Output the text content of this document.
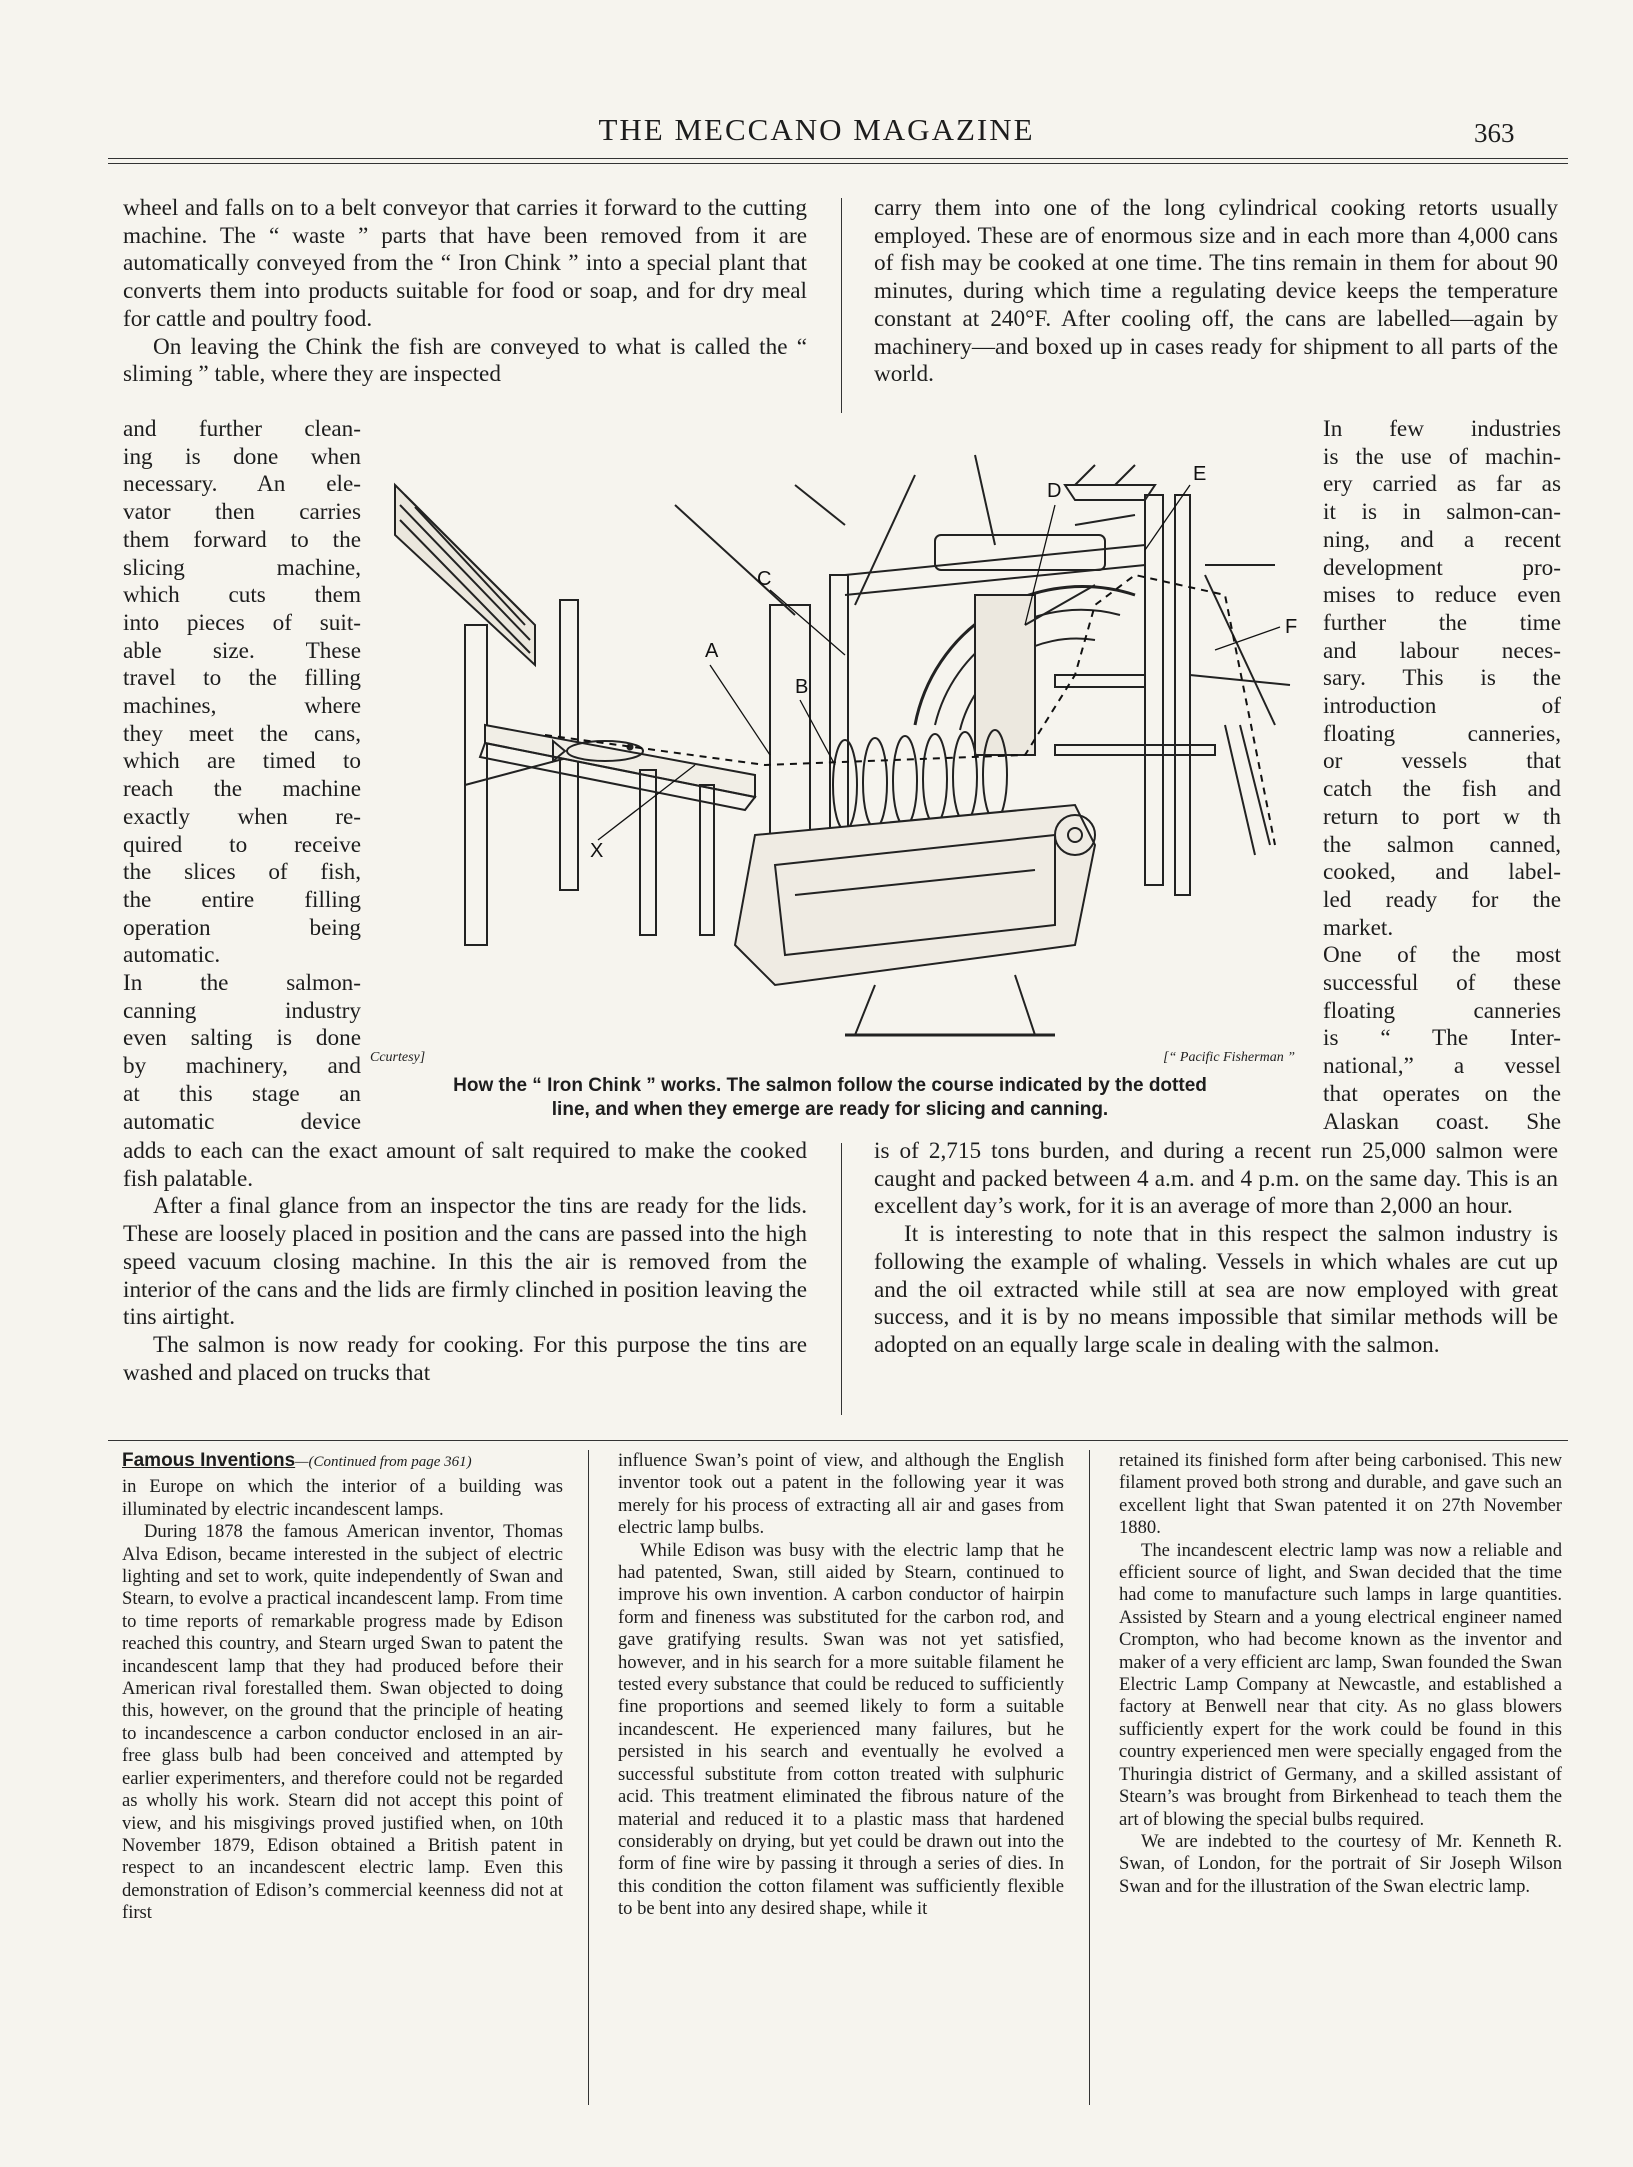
THE MECCANO MAGAZINE	363

wheel and falls on to a belt conveyor that carries it forward to the cutting machine. The “ waste ” parts that have been removed from it are automatically conveyed from the “ Iron Chink ” into a special plant that converts them into products suitable for food or soap, and for dry meal for cattle and poultry food.

On leaving the Chink the fish are conveyed to what is called the “ sliming ” table, where they are inspected

carry them into one of the long cylindrical cooking retorts usually employed. These are of enormous size and in each more than 4,000 cans of fish may be cooked at one time. The tins remain in them for about 90 minutes, during which time a regulating device keeps the temperature constant at 240°F. After cooling off, the cans are labelled—again by machinery—and boxed up in cases ready for shipment to all parts of the world.

and further clean-
ing is done when
necessary. An ele-
vator then carries
them forward to the
slicing machine,
which cuts them
into pieces of suit-
able size. These
travel to the filling
machines, where
they meet the cans,
which are timed to
reach the machine
exactly when re-
quired to receive
the slices of fish,
the entire filling
operation being
automatic.
In the salmon-
canning industry
even salting is done
by machinery, and
at this stage an
automatic device
In few industries
is the use of machin-
ery carried as far as
it is in salmon-can-
ning, and a recent
development pro-
mises to reduce even
further the time
and labour neces-
sary. This is the
introduction of
floating canneries,
or vessels that
catch the fish and
return to port w th
the salmon canned,
cooked, and label-
led ready for the
market.
One of the most
successful of these
floating canneries
is “ The Inter-
national,” a vessel
that operates on the
Alaskan coast. She
A
B
C
D
E
F
X
Ccurtesy]	[“ Pacific Fisherman ”
How the “ Iron Chink ” works. The salmon follow the course indicated by the dotted
line, and when they emerge are ready for slicing and canning.

adds to each can the exact amount of salt required to make the cooked fish palatable.

After a final glance from an inspector the tins are ready for the lids. These are loosely placed in position and the cans are passed into the high speed vacuum closing machine. In this the air is removed from the interior of the cans and the lids are firmly clinched in position leaving the tins airtight.

The salmon is now ready for cooking. For this purpose the tins are washed and placed on trucks that

is of 2,715 tons burden, and during a recent run 25,000 salmon were caught and packed between 4 a.m. and 4 p.m. on the same day. This is an excellent day’s work, for it is an average of more than 2,000 an hour.

It is interesting to note that in this respect the salmon industry is following the example of whaling. Vessels in which whales are cut up and the oil extracted while still at sea are now employed with great success, and it is by no means impossible that similar methods will be adopted on an equally large scale in dealing with the salmon.

Famous Inventions—(Continued from page 361)

in Europe on which the interior of a building was illuminated by electric incandescent lamps.

During 1878 the famous American inventor, Thomas Alva Edison, became interested in the subject of electric lighting and set to work, quite independently of Swan and Stearn, to evolve a practical incandescent lamp. From time to time reports of remarkable progress made by Edison reached this country, and Stearn urged Swan to patent the incandescent lamp that they had produced before their American rival forestalled them. Swan objected to doing this, however, on the ground that the principle of heating to incandescence a carbon conductor enclosed in an air-free glass bulb had been conceived and attempted by earlier experimenters, and therefore could not be regarded as wholly his work. Stearn did not accept this point of view, and his misgivings proved justified when, on 10th November 1879, Edison obtained a British patent in respect to an incandescent electric lamp. Even this demonstration of Edison’s commercial keenness did not at first

influence Swan’s point of view, and although the English inventor took out a patent in the following year it was merely for his process of extracting all air and gases from electric lamp bulbs.

While Edison was busy with the electric lamp that he had patented, Swan, still aided by Stearn, continued to improve his own invention. A carbon conductor of hairpin form and fineness was substituted for the carbon rod, and gave gratifying results. Swan was not yet satisfied, however, and in his search for a more suitable filament he tested every substance that could be reduced to sufficiently fine proportions and seemed likely to form a suitable incandescent. He experienced many failures, but he persisted in his search and eventually he evolved a successful substitute from cotton treated with sulphuric acid. This treatment eliminated the fibrous nature of the material and reduced it to a plastic mass that hardened considerably on drying, but yet could be drawn out into the form of fine wire by passing it through a series of dies. In this condition the cotton filament was sufficiently flexible to be bent into any desired shape, while it

retained its finished form after being carbonised. This new filament proved both strong and durable, and gave such an excellent light that Swan patented it on 27th November 1880.

The incandescent electric lamp was now a reliable and efficient source of light, and Swan decided that the time had come to manufacture such lamps in large quantities. Assisted by Stearn and a young electrical engineer named Crompton, who had become known as the inventor and maker of a very efficient arc lamp, Swan founded the Swan Electric Lamp Company at Newcastle, and established a factory at Benwell near that city. As no glass blowers sufficiently expert for the work could be found in this country experienced men were specially engaged from the Thuringia district of Germany, and a skilled assistant of Stearn’s was brought from Birkenhead to teach them the art of blowing the special bulbs required.

We are indebted to the courtesy of Mr. Kenneth R. Swan, of London, for the portrait of Sir Joseph Wilson Swan and for the illustration of the Swan electric lamp.
